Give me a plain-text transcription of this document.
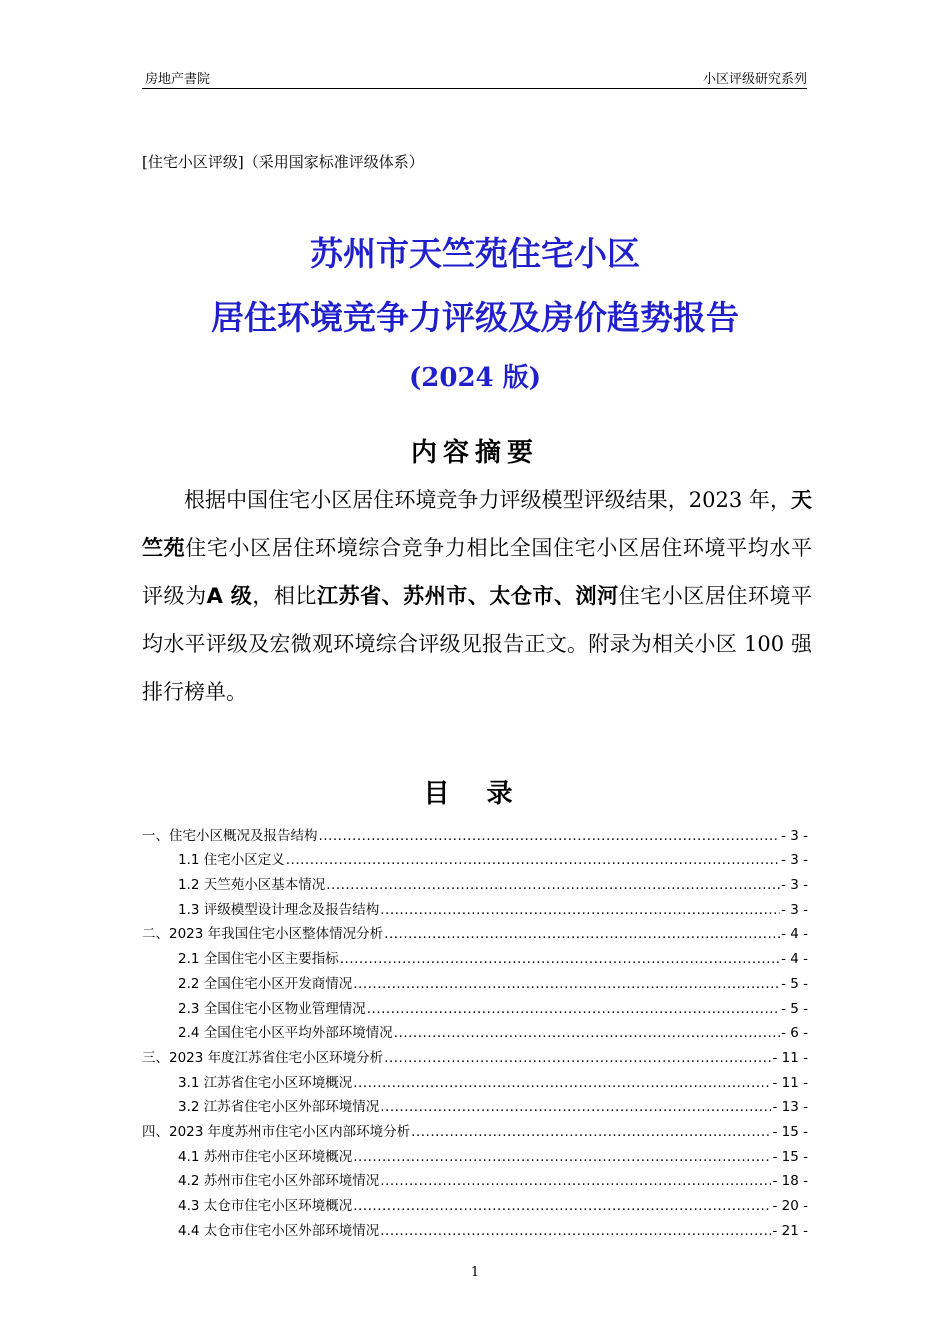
房地产書院	小区评级研究系列
[住宅小区评级]（采用国家标准评级体系）
苏州市天竺苑住宅小区
居住环境竞争力评级及房价趋势报告
(2024 版)
内容摘要
根据中国住宅小区居住环境竞争力评级模型评级结果，2023 年，天竺苑住宅小区居住环境综合竞争力相比全国住宅小区居住环境平均水平评级为A 级，相比江苏省、苏州市、太仓市、浏河住宅小区居住环境平均水平评级及宏微观环境综合评级见报告正文。附录为相关小区 100 强排行榜单。
目 录
一、住宅小区概况及报告结构 .....	- 3 -
1.1 住宅小区定义 .....	- 3 -
1.2 天竺苑小区基本情况 .....	- 3 -
1.3 评级模型设计理念及报告结构 .....	- 3 -
二、2023 年我国住宅小区整体情况分析 .....	- 4 -
2.1 全国住宅小区主要指标 .....	- 4 -
2.2 全国住宅小区开发商情况 .....	- 5 -
2.3 全国住宅小区物业管理情况 .....	- 5 -
2.4 全国住宅小区平均外部环境情况 .....	- 6 -
三、2023 年度江苏省住宅小区环境分析 .....	- 11 -
3.1 江苏省住宅小区环境概况 .....	- 11 -
3.2 江苏省住宅小区外部环境情况 .....	- 13 -
四、2023 年度苏州市住宅小区内部环境分析 .....	- 15 -
4.1 苏州市住宅小区环境概况 .....	- 15 -
4.2 苏州市住宅小区外部环境情况 .....	- 18 -
4.3 太仓市住宅小区环境概况 .....	- 20 -
4.4 太仓市住宅小区外部环境情况 .....	- 21 -
1
